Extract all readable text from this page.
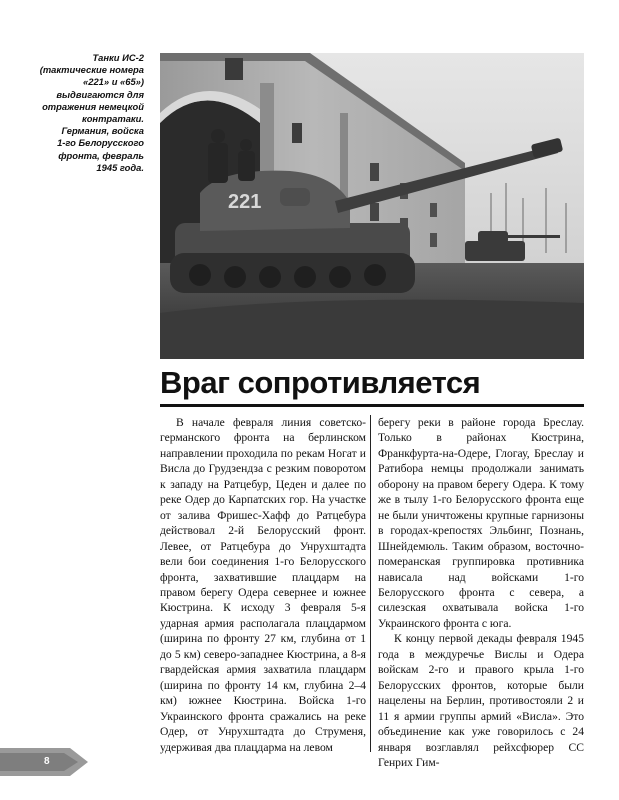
Танки ИС-2
(тактические номера
«221» и «65»)
выдвигаются для
отражения немецкой
контратаки.
Германия, войска
1-го Белорусского
фронта, февраль
1945 года.
221
Враг сопротивляется

В начале февраля линия советско-германского фронта на берлинском направлении проходила по рекам Ногат и Висла до Грудзендза с резким поворотом к западу на Ратцебур, Цеден и далее по реке Одер до Карпатских гор. На участке от залива Фришес-Хафф до Ратцебура действовал 2-й Белорусский фронт. Левее, от Ратцебура до Унрухштадта вели бои соединения 1-го Белорусского фронта, захватившие плацдарм на правом берегу Одера севернее и южнее Кюстрина. К исходу 3 февраля 5-я ударная армия располагала плацдармом (ширина по фронту 27 км, глубина от 1 до 5 км) северо-западнее Кюстрина, а 8-я гвардейская армия захватила плацдарм (ширина по фронту 14 км, глубина 2–4 км) южнее Кюстрина. Войска 1-го Украинского фронта сражались на реке Одер, от Унрухштадта до Струменя, удерживая два плацдарма на левом

берегу реки в районе города Бреслау. Только в районах Кюстрина, Франкфурта-на-Одере, Глогау, Бреслау и Ратибора немцы продолжали занимать оборону на правом берегу Одера. К тому же в тылу 1-го Белорусского фронта еще не были уничтожены крупные гарнизоны в городах-крепостях Эльбинг, Познань, Шнейдемюль. Таким образом, восточно-померанская группировка противника нависала над войсками 1-го Белорусского фронта с севера, а силезская охватывала войска 1-го Украинского фронта с юга.

К концу первой декады февраля 1945 года в междуречье Вислы и Одера войскам 2-го и правого крыла 1-го Белорусских фронтов, которые были нацелены на Берлин, противостояли 2 и 11 я армии группы армий «Висла». Это объединение как уже говорилось с 24 января возглавлял рейхсфюрер СС Генрих Гим-

8
